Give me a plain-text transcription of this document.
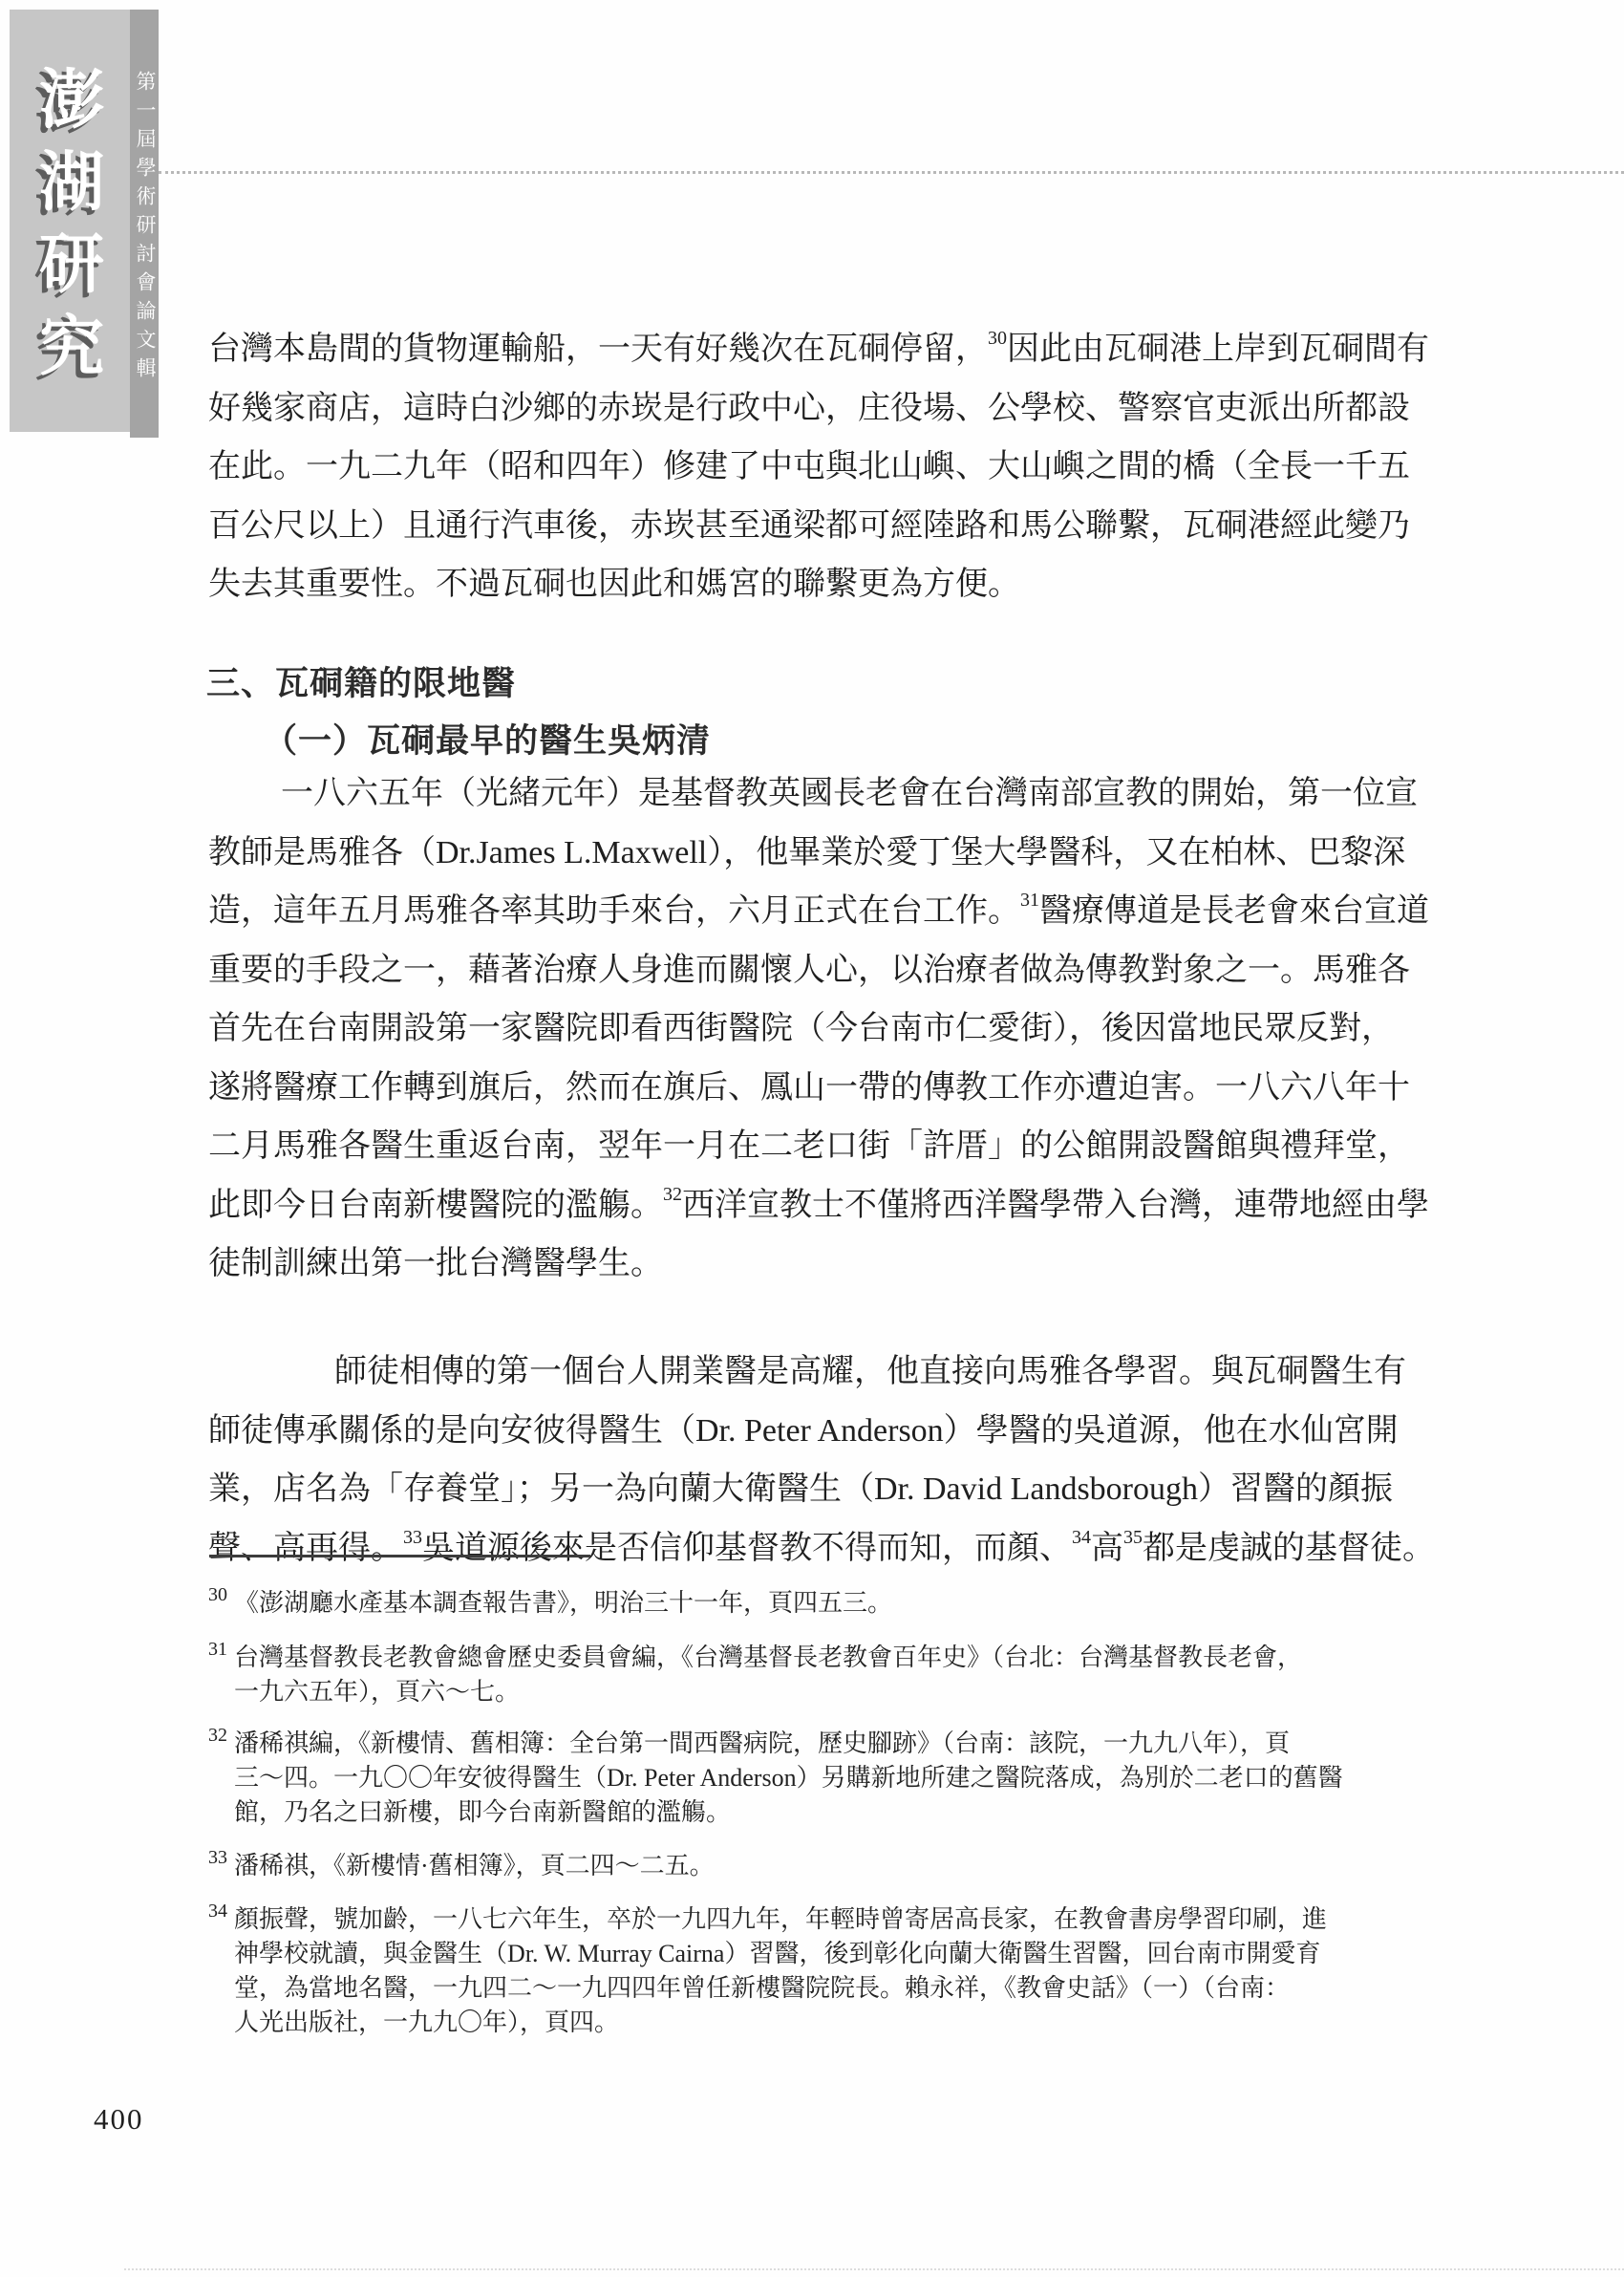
澎湖研究	第一屆學術研討會論文輯 台灣本島間的貨物運輸船，一天有好幾次在瓦硐停留，$^{30}$因此由瓦硐港上岸到瓦硐間有
好幾家商店，這時白沙鄉的赤崁是行政中心，庄役場、公學校、警察官吏派出所都設
在此。一九二九年（昭和四年）修建了中屯與北山嶼、大山嶼之間的橋（全長一千五
百公尺以上）且通行汽車後，赤崁甚至通梁都可經陸路和馬公聯繫，瓦硐港經此變乃
失去其重要性。不過瓦硐也因此和媽宮的聯繫更為方便。
三、瓦硐籍的限地醫
（一）瓦硐最早的醫生吳炳清
一八六五年（光緒元年）是基督教英國長老會在台灣南部宣教的開始，第一位宣
教師是馬雅各（Dr.James L.Maxwell），他畢業於愛丁堡大學醫科，又在柏林、巴黎深
造，這年五月馬雅各率其助手來台，六月正式在台工作。$^{31}$醫療傳道是長老會來台宣道
重要的手段之一，藉著治療人身進而關懷人心，以治療者做為傳教對象之一。馬雅各
首先在台南開設第一家醫院即看西街醫院（今台南市仁愛街），後因當地民眾反對，
遂將醫療工作轉到旗后，然而在旗后、鳳山一帶的傳教工作亦遭迫害。一八六八年十
二月馬雅各醫生重返台南，翌年一月在二老口街「許厝」的公館開設醫館與禮拜堂，
此即今日台南新樓醫院的濫觴。$^{32}$西洋宣教士不僅將西洋醫學帶入台灣，連帶地經由學
徒制訓練出第一批台灣醫學生。
師徒相傳的第一個台人開業醫是高耀，他直接向馬雅各學習。與瓦硐醫生有
師徒傳承關係的是向安彼得醫生（Dr. Peter Anderson）學醫的吳道源，他在水仙宮開
業，店名為「存養堂」；另一為向蘭大衛醫生（Dr. David Landsborough）習醫的顏振
聲、高再得。$^{33}$吳道源後來是否信仰基督教不得而知，而顏、$^{34}$高$^{35}$都是虔誠的基督徒。
30 《澎湖廳水產基本調查報告書》，明治三十一年，頁四五三。
31 台灣基督教長老教會總會歷史委員會編，《台灣基督長老教會百年史》（台北：台灣基督教長老會，
一九六五年），頁六～七。
32 潘稀祺編，《新樓情、舊相簿：全台第一間西醫病院，歷史腳跡》（台南：該院，一九九八年），頁
三～四。一九〇〇年安彼得醫生（Dr. Peter Anderson）另購新地所建之醫院落成，為別於二老口的舊醫
館，乃名之曰新樓，即今台南新醫館的濫觴。
33 潘稀祺，《新樓情·舊相簿》，頁二四～二五。
34 顏振聲，號加齡，一八七六年生，卒於一九四九年，年輕時曾寄居高長家，在教會書房學習印刷，進
神學校就讀，與金醫生（Dr. W. Murray Cairna）習醫，後到彰化向蘭大衛醫生習醫，回台南市開愛育
堂，為當地名醫，一九四二～一九四四年曾任新樓醫院院長。賴永祥，《教會史話》（一）（台南：
人光出版社，一九九〇年），頁四。
400
